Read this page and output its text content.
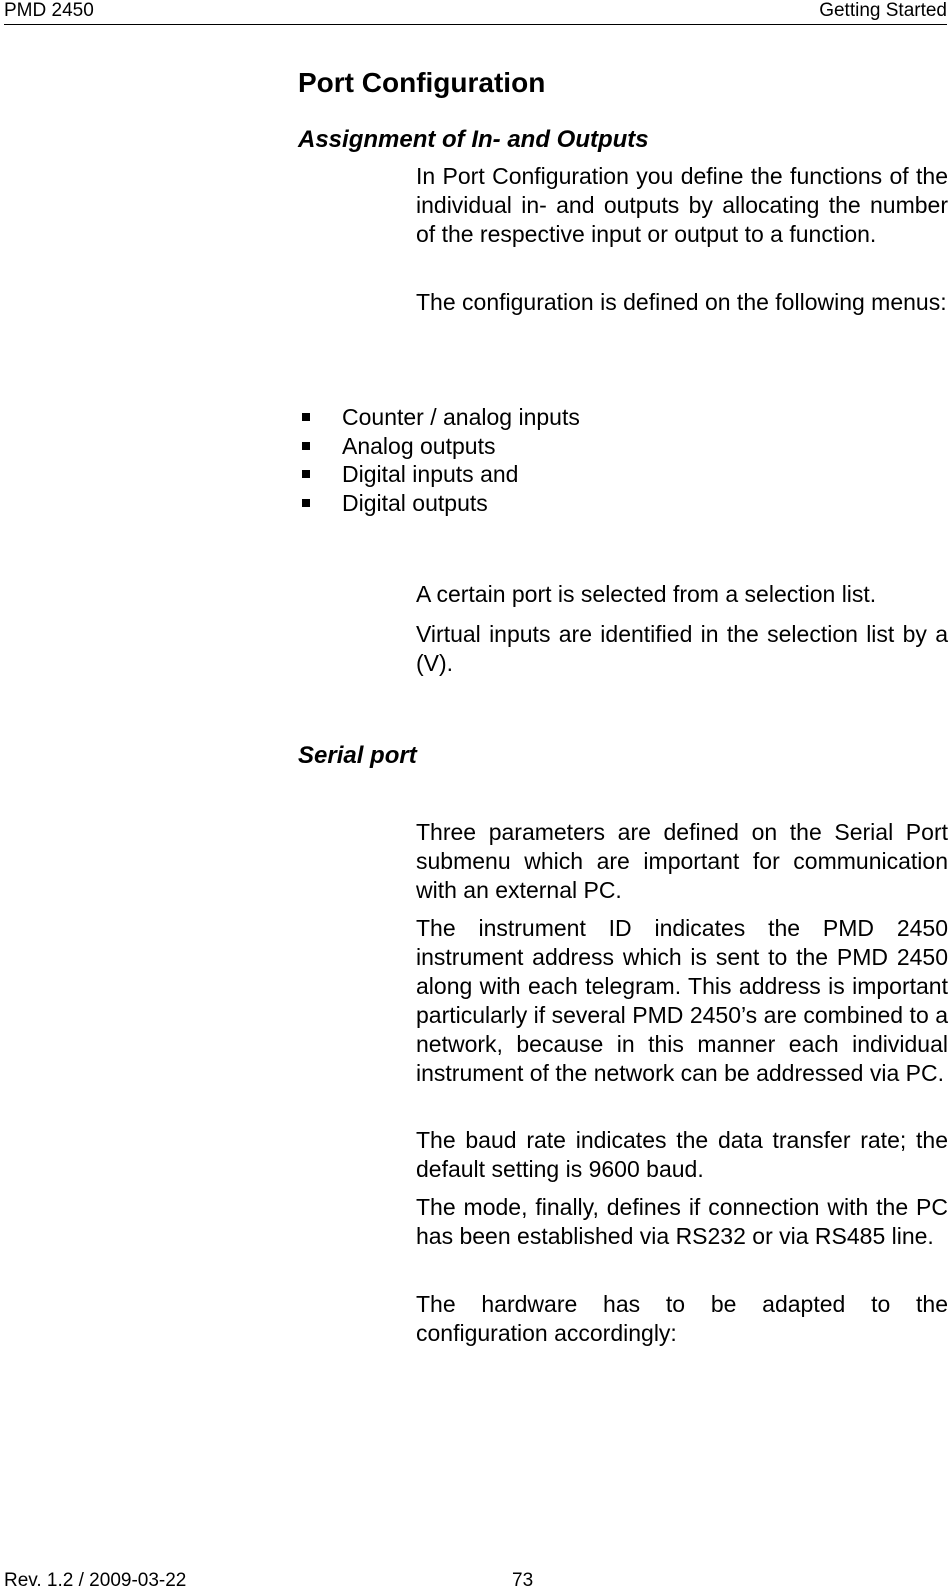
PMD 2450	Getting Started
Port Configuration
Assignment of In- and Outputs

In Port Configuration you define the functions of the individual in- and outputs by allocating the number of the respective input or output to a function.

The configuration is defined on the following menus:

Counter / analog inputs
Analog outputs
Digital inputs and
Digital outputs

A certain port is selected from a selection list.

Virtual inputs are identified in the selection list by a (V).

Serial port

Three parameters are defined on the Serial Port submenu which are important for communication with an external PC.

The instrument ID indicates the PMD 2450 instrument address which is sent to the PMD 2450 along with each telegram. This address is important particularly if several PMD 2450’s are combined to a network, because in this manner each individual instrument of the network can be addressed via PC.

The baud rate indicates the data transfer rate; the default setting is 9600 baud.

The mode, finally, defines if connection with the PC has been established via RS232 or via RS485 line.

The hardware has to be adapted to the configuration accordingly:

Rev. 1.2 / 2009-03-22	73
